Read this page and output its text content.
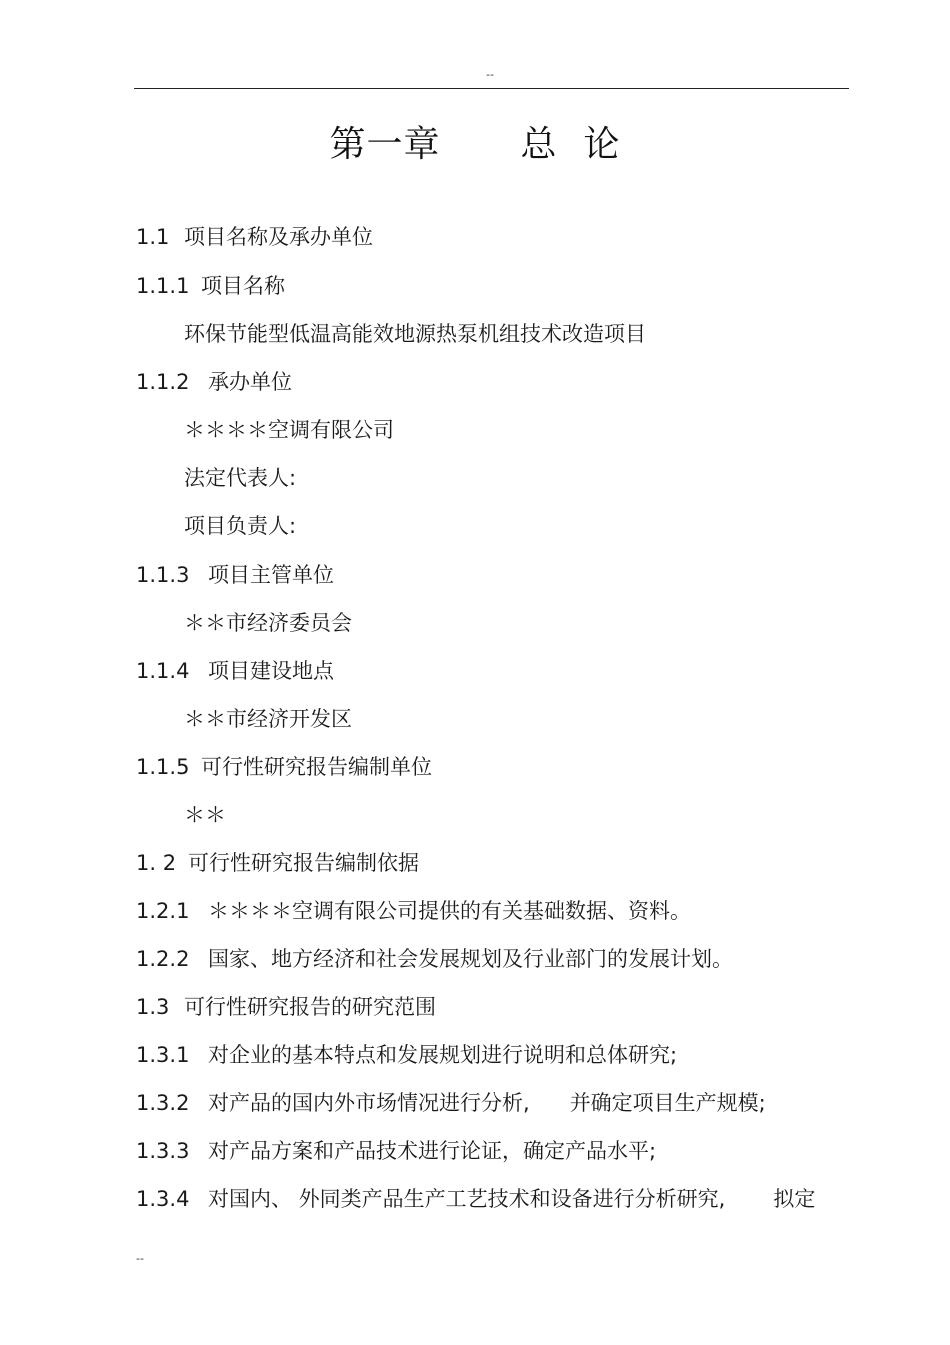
--
第一章 总 论
1.1 项目名称及承办单位
1.1.1 项目名称
环保节能型低温高能效地源热泵机组技术改造项目
1.1.2 承办单位
＊＊＊＊空调有限公司
法定代表人:
项目负责人:
1.1.3 项目主管单位
＊＊市经济委员会
1.1.4 项目建设地点
＊＊市经济开发区
1.1.5 可行性研究报告编制单位
＊＊
1. 2 可行性研究报告编制依据
1.2.1 ＊＊＊＊空调有限公司提供的有关基础数据、资料。
1.2.2 国家、地方经济和社会发展规划及行业部门的发展计划。
1.3 可行性研究报告的研究范围
1.3.1 对企业的基本特点和发展规划进行说明和总体研究;
1.3.2 对产品的国内外市场情况进行分析, 并确定项目生产规模;
1.3.3 对产品方案和产品技术进行论证，确定产品水平;
1.3.4 对国内、 外同类产品生产工艺技术和设备进行分析研究, 拟定
--
